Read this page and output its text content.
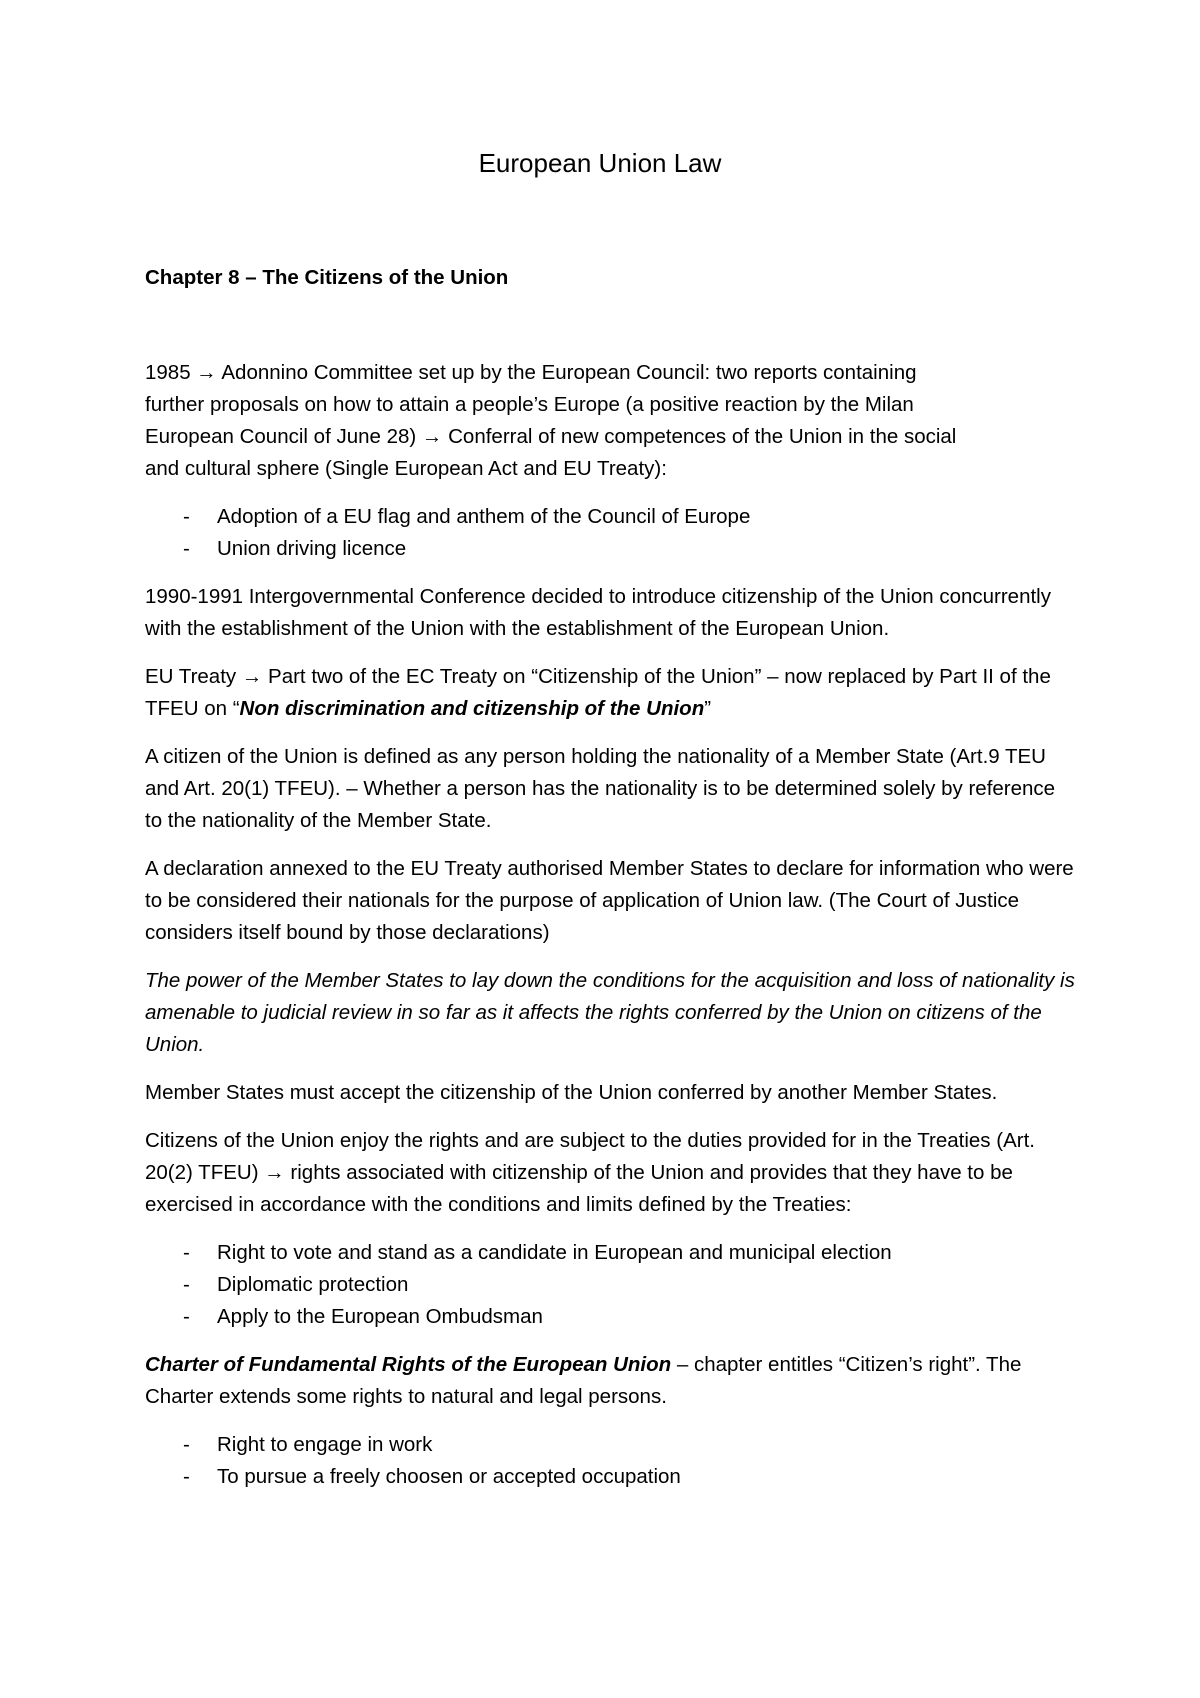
European Union Law
Chapter 8 – The Citizens of the Union

1985 → Adonnino Committee set up by the European Council: two reports containing
further proposals on how to attain a people’s Europe (a positive reaction by the Milan
European Council of June 28) → Conferral of new competences of the Union in the social
and cultural sphere (Single European Act and EU Treaty):

- Adoption of a EU flag and anthem of the Council of Europe
- Union driving licence

1990-1991 Intergovernmental Conference decided to introduce citizenship of the Union concurrently with the establishment of the Union with the establishment of the European Union.

EU Treaty → Part two of the EC Treaty on “Citizenship of the Union” – now replaced by Part II of the TFEU on “Non discrimination and citizenship of the Union”

A citizen of the Union is defined as any person holding the nationality of a Member State (Art.9 TEU and Art. 20(1) TFEU). – Whether a person has the nationality is to be determined solely by reference to the nationality of the Member State.

A declaration annexed to the EU Treaty authorised Member States to declare for information who were to be considered their nationals for the purpose of application of Union law. (The Court of Justice considers itself bound by those declarations)

The power of the Member States to lay down the conditions for the acquisition and loss of nationality is amenable to judicial review in so far as it affects the rights conferred by the Union on citizens of the Union.

Member States must accept the citizenship of the Union conferred by another Member States.

Citizens of the Union enjoy the rights and are subject to the duties provided for in the Treaties (Art. 20(2) TFEU) → rights associated with citizenship of the Union and provides that they have to be exercised in accordance with the conditions and limits defined by the Treaties:

- Right to vote and stand as a candidate in European and municipal election
- Diplomatic protection
- Apply to the European Ombudsman

Charter of Fundamental Rights of the European Union – chapter entitles “Citizen’s right”. The Charter extends some rights to natural and legal persons.

- Right to engage in work
- To pursue a freely choosen or accepted occupation
